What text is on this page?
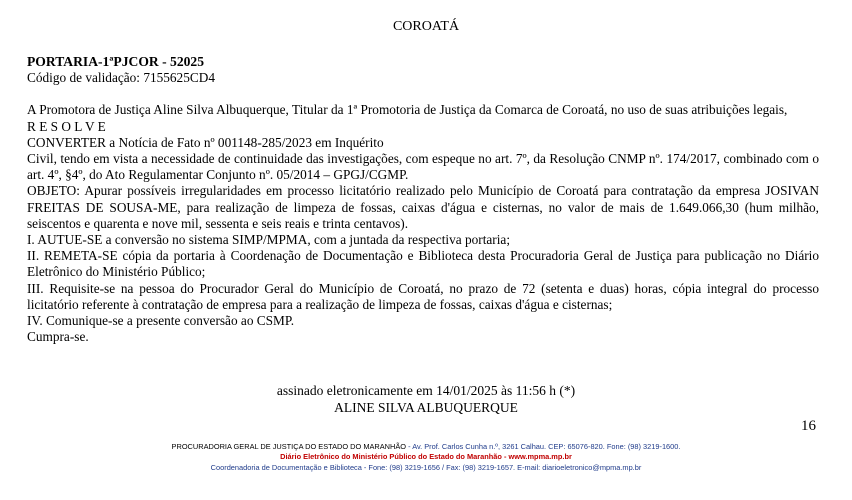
COROATÁ
PORTARIA-1ªPJCOR - 52025
Código de validação: 7155625CD4

A Promotora de Justiça Aline Silva Albuquerque, Titular da 1ª Promotoria de Justiça da Comarca de Coroatá, no uso de suas atribuições legais,

R E S O L V E

CONVERTER a Notícia de Fato nº 001148-285/2023 em Inquérito

Civil, tendo em vista a necessidade de continuidade das investigações, com espeque no art. 7º, da Resolução CNMP nº. 174/2017, combinado com o art. 4º, §4º, do Ato Regulamentar Conjunto nº. 05/2014 – GPGJ/CGMP.

OBJETO: Apurar possíveis irregularidades em processo licitatório realizado pelo Município de Coroatá para contratação da empresa JOSIVAN FREITAS DE SOUSA-ME, para realização de limpeza de fossas, caixas d'água e cisternas, no valor de mais de 1.649.066,30 (hum milhão, seiscentos e quarenta e nove mil, sessenta e seis reais e trinta centavos).

I. AUTUE-SE a conversão no sistema SIMP/MPMA, com a juntada da respectiva portaria;

II. REMETA-SE cópia da portaria à Coordenação de Documentação e Biblioteca desta Procuradoria Geral de Justiça para publicação no Diário Eletrônico do Ministério Público;

III. Requisite-se na pessoa do Procurador Geral do Município de Coroatá, no prazo de 72 (setenta e duas) horas, cópia integral do processo licitatório referente à contratação de empresa para a realização de limpeza de fossas, caixas d'água e cisternas;

IV. Comunique-se a presente conversão ao CSMP.

Cumpra-se.

assinado eletronicamente em 14/01/2025 às 11:56 h (*)
ALINE SILVA ALBUQUERQUE
16
PROCURADORIA GERAL DE JUSTIÇA DO ESTADO DO MARANHÃO - Av. Prof. Carlos Cunha n.º, 3261 Calhau. CEP: 65076-820. Fone: (98) 3219-1600.
Diário Eletrônico do Ministério Público do Estado do Maranhão - www.mpma.mp.br
Coordenadoria de Documentação e Biblioteca - Fone: (98) 3219-1656 / Fax: (98) 3219-1657. E-mail: diarioeletronico@mpma.mp.br
